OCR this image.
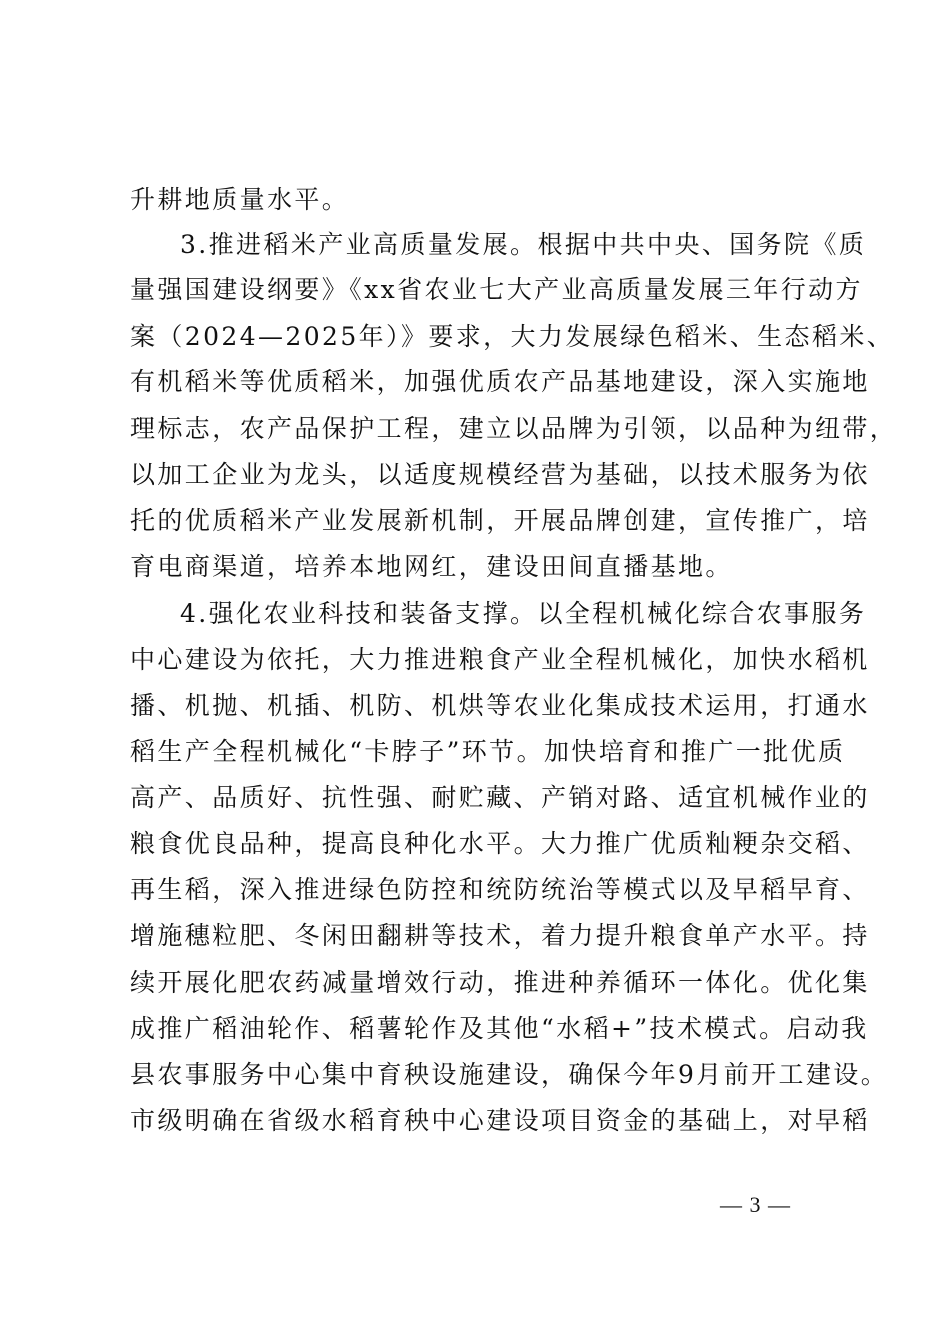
升耕地质量水平。

3.推进稻米产业高质量发展。根据中共中央、国务院《质

量强国建设纲要》《xx省农业七大产业高质量发展三年行动方

案（2024—2025年）》要求，大力发展绿色稻米、生态稻米、

有机稻米等优质稻米，加强优质农产品基地建设，深入实施地

理标志，农产品保护工程，建立以品牌为引领，以品种为纽带，

以加工企业为龙头，以适度规模经营为基础，以技术服务为依

托的优质稻米产业发展新机制，开展品牌创建，宣传推广，培

育电商渠道，培养本地网红，建设田间直播基地。

4.强化农业科技和装备支撑。以全程机械化综合农事服务

中心建设为依托，大力推进粮食产业全程机械化，加快水稻机

播、机抛、机插、机防、机烘等农业化集成技术运用，打通水

稻生产全程机械化“卡脖子”环节。加快培育和推广一批优质

高产、品质好、抗性强、耐贮藏、产销对路、适宜机械作业的

粮食优良品种，提高良种化水平。大力推广优质籼粳杂交稻、

再生稻，深入推进绿色防控和统防统治等模式以及早稻早育、

增施穗粒肥、冬闲田翻耕等技术，着力提升粮食单产水平。持

续开展化肥农药减量增效行动，推进种养循环一体化。优化集

成推广稻油轮作、稻薯轮作及其他“水稻+”技术模式。启动我

县农事服务中心集中育秧设施建设，确保今年9月前开工建设。

市级明确在省级水稻育秧中心建设项目资金的基础上，对早稻

— 3 —
